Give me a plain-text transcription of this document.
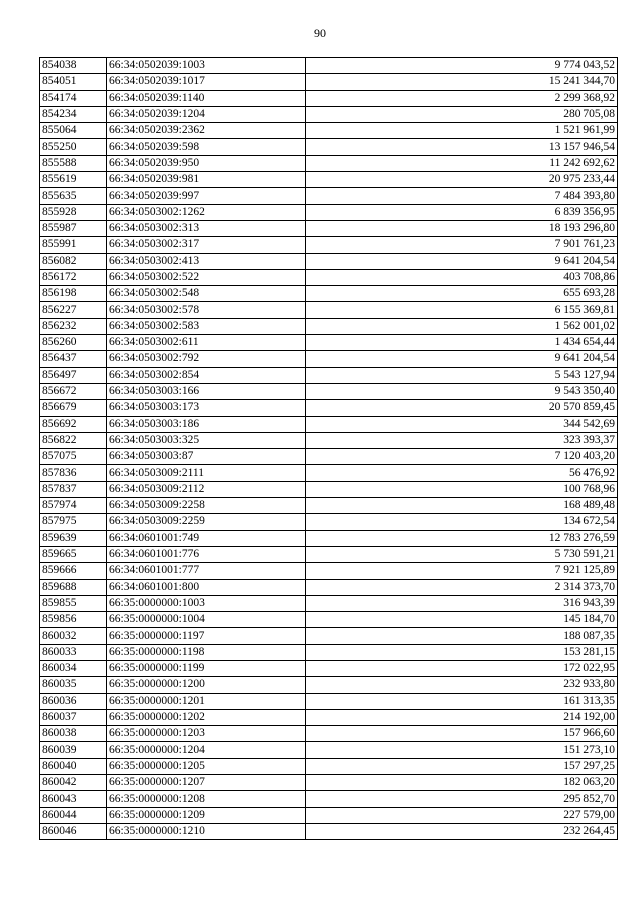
90
854038	66:34:0502039:1003	9 774 043,52
854051	66:34:0502039:1017	15 241 344,70
854174	66:34:0502039:1140	2 299 368,92
854234	66:34:0502039:1204	280 705,08
855064	66:34:0502039:2362	1 521 961,99
855250	66:34:0502039:598	13 157 946,54
855588	66:34:0502039:950	11 242 692,62
855619	66:34:0502039:981	20 975 233,44
855635	66:34:0502039:997	7 484 393,80
855928	66:34:0503002:1262	6 839 356,95
855987	66:34:0503002:313	18 193 296,80
855991	66:34:0503002:317	7 901 761,23
856082	66:34:0503002:413	9 641 204,54
856172	66:34:0503002:522	403 708,86
856198	66:34:0503002:548	655 693,28
856227	66:34:0503002:578	6 155 369,81
856232	66:34:0503002:583	1 562 001,02
856260	66:34:0503002:611	1 434 654,44
856437	66:34:0503002:792	9 641 204,54
856497	66:34:0503002:854	5 543 127,94
856672	66:34:0503003:166	9 543 350,40
856679	66:34:0503003:173	20 570 859,45
856692	66:34:0503003:186	344 542,69
856822	66:34:0503003:325	323 393,37
857075	66:34:0503003:87	7 120 403,20
857836	66:34:0503009:2111	56 476,92
857837	66:34:0503009:2112	100 768,96
857974	66:34:0503009:2258	168 489,48
857975	66:34:0503009:2259	134 672,54
859639	66:34:0601001:749	12 783 276,59
859665	66:34:0601001:776	5 730 591,21
859666	66:34:0601001:777	7 921 125,89
859688	66:34:0601001:800	2 314 373,70
859855	66:35:0000000:1003	316 943,39
859856	66:35:0000000:1004	145 184,70
860032	66:35:0000000:1197	188 087,35
860033	66:35:0000000:1198	153 281,15
860034	66:35:0000000:1199	172 022,95
860035	66:35:0000000:1200	232 933,80
860036	66:35:0000000:1201	161 313,35
860037	66:35:0000000:1202	214 192,00
860038	66:35:0000000:1203	157 966,60
860039	66:35:0000000:1204	151 273,10
860040	66:35:0000000:1205	157 297,25
860042	66:35:0000000:1207	182 063,20
860043	66:35:0000000:1208	295 852,70
860044	66:35:0000000:1209	227 579,00
860046	66:35:0000000:1210	232 264,45
